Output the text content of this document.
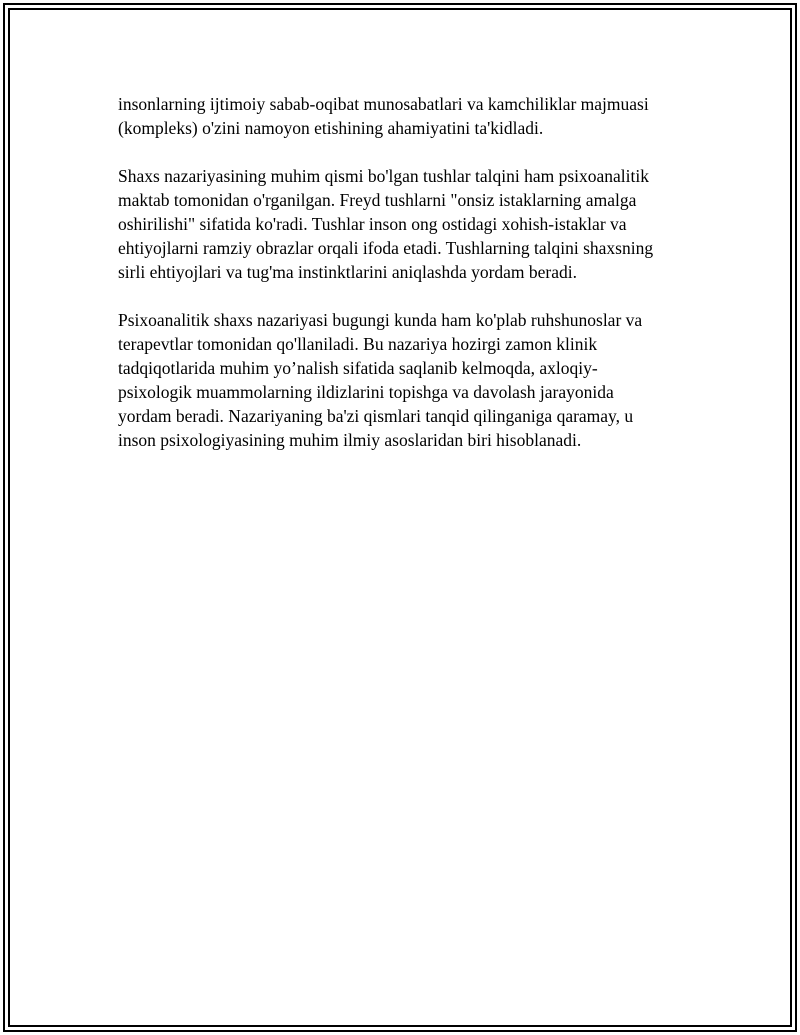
insonlarning ijtimoiy sabab-oqibat munosabatlari va kamchiliklar majmuasi
(kompleks) o'zini namoyon etishining ahamiyatini ta'kidladi.

Shaxs nazariyasining muhim qismi bo'lgan tushlar talqini ham psixoanalitik
maktab tomonidan o'rganilgan. Freyd tushlarni "onsiz istaklarning amalga
oshirilishi" sifatida ko'radi. Tushlar inson ong ostidagi xohish-istaklar va
ehtiyojlarni ramziy obrazlar orqali ifoda etadi. Tushlarning talqini shaxsning
sirli ehtiyojlari va tug'ma instinktlarini aniqlashda yordam beradi.

Psixoanalitik shaxs nazariyasi bugungi kunda ham ko'plab ruhshunoslar va
terapevtlar tomonidan qo'llaniladi. Bu nazariya hozirgi zamon klinik
tadqiqotlarida muhim yo’nalish sifatida saqlanib kelmoqda, axloqiy-
psixologik muammolarning ildizlarini topishga va davolash jarayonida
yordam beradi. Nazariyaning ba'zi qismlari tanqid qilinganiga qaramay, u
inson psixologiyasining muhim ilmiy asoslaridan biri hisoblanadi.
